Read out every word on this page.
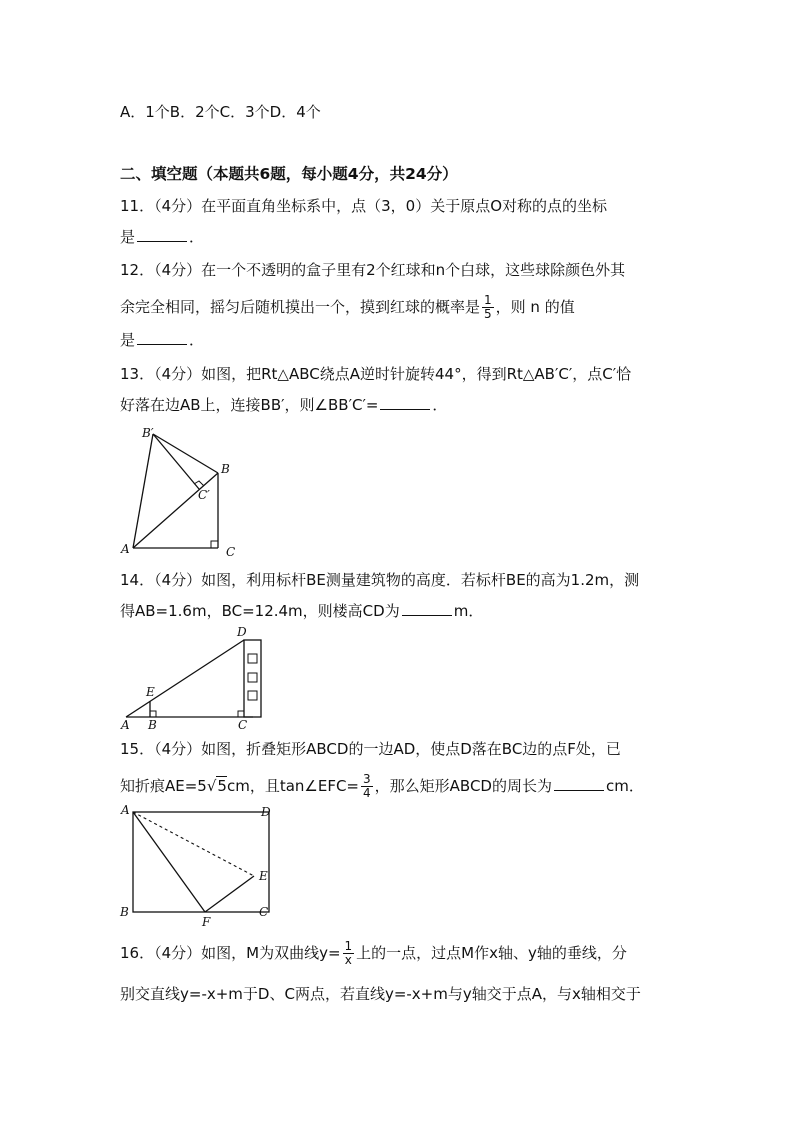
A．1个B．2个C．3个D．4个
二、填空题（本题共6题，每小题4分，共24分）
11．（4分）在平面直角坐标系中，点（3，0）关于原点O对称的点的坐标
是	．
12．（4分）在一个不透明的盒子里有2个红球和n个白球，这些球除颜色外其
余完全相同，摇匀后随机摸出一个，摸到红球的概率是 $\frac{1}{5}$ ，则 n 的值
是	．
13．（4分）如图，把Rt△ABC绕点A逆时针旋转44°，得到Rt△AB′C′，点C′恰
好落在边AB上，连接BB′，则∠BB′C′=	．
B′
B
C′
A	C
14．（4分）如图，利用标杆BE测量建筑物的高度．若标杆BE的高为1.2m，测
得AB=1.6m，BC=12.4m，则楼高CD为	m．
D
E
A B	C
15．（4分）如图，折叠矩形ABCD的一边AD，使点D落在BC边的点F处，已
知折痕AE=5√5cm，且tan∠EFC= $\frac{3}{4}$ ，那么矩形ABCD的周长为	cm．
A	D
E
B
F
C
16．（4分）如图，M为双曲线$y= \frac{1}{x}$ 上的一点，过点M作x轴、y轴的垂线，分
别交直线y=-x+m于D、C两点，若直线y=-x+m与y轴交于点A，与x轴相交于
